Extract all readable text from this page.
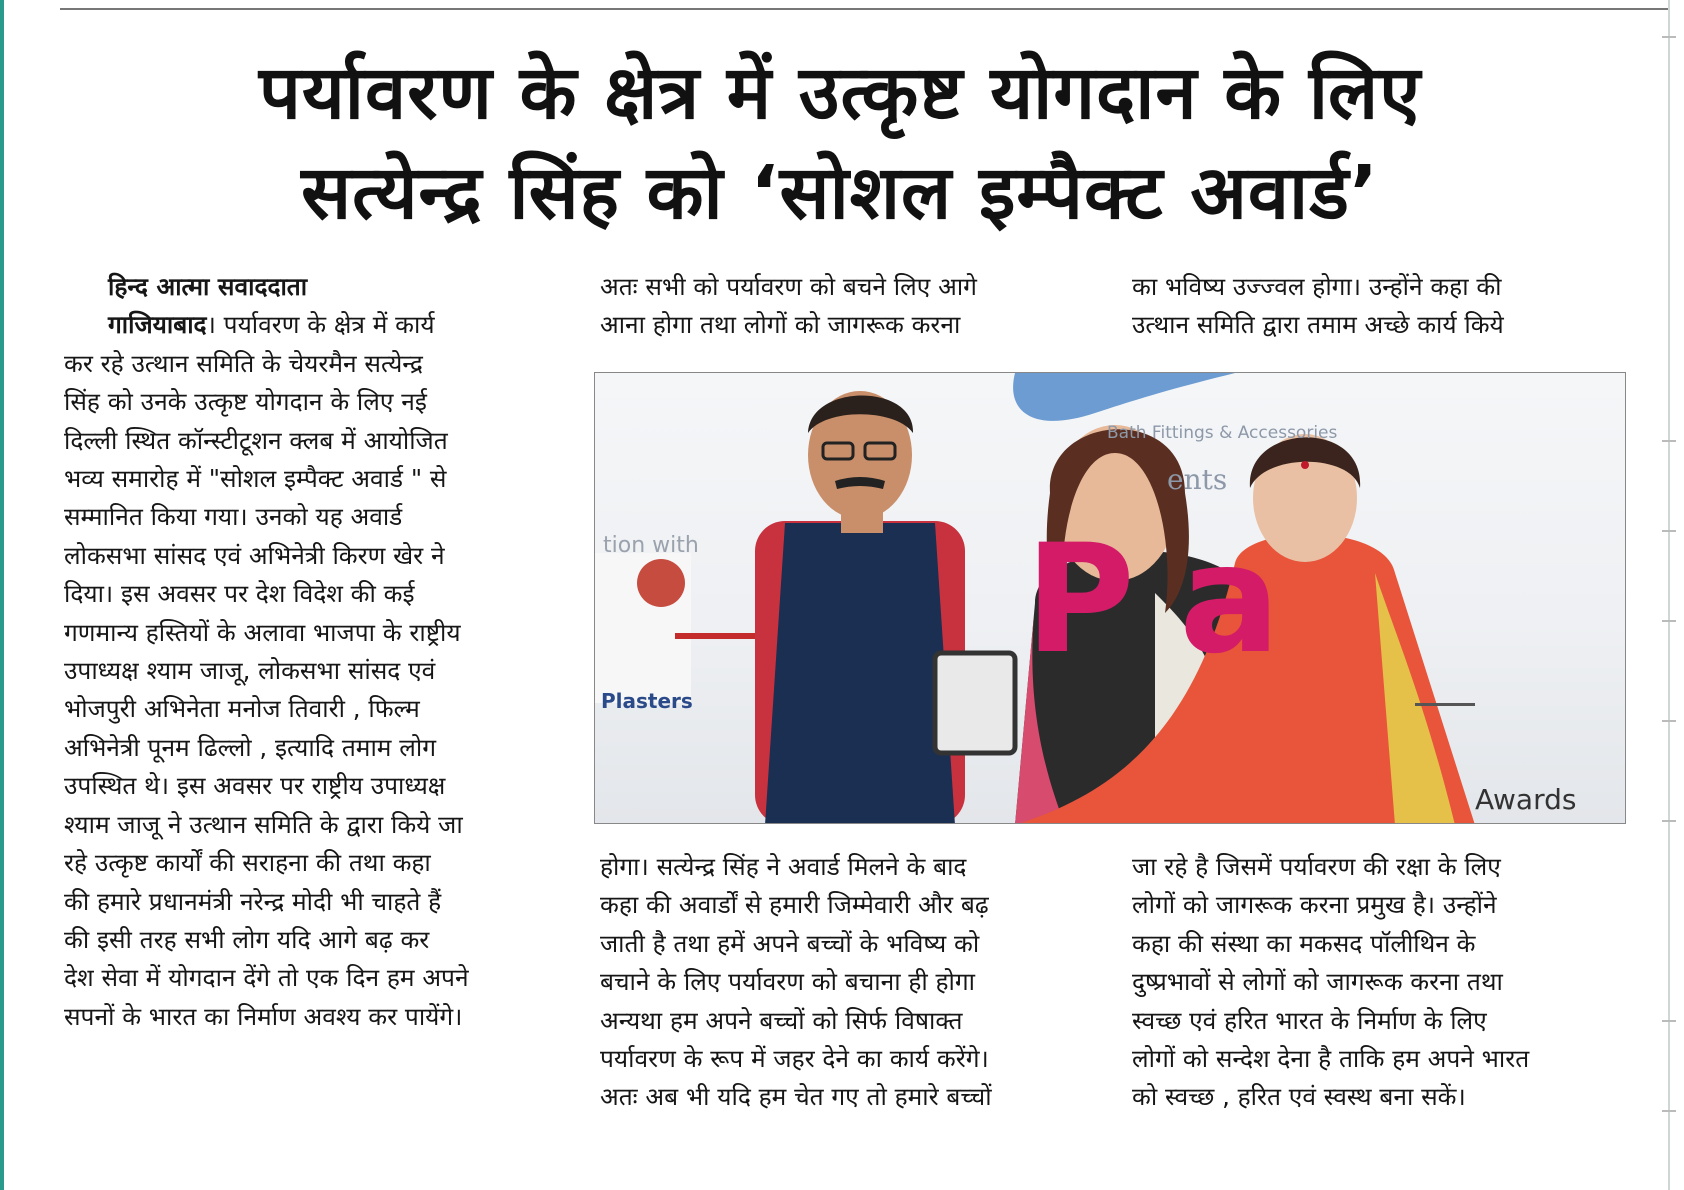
पर्यावरण के क्षेत्र में उत्कृष्ट योगदान के लिए
सत्येन्द्र सिंह को ‘सोशल इम्पैक्ट अवार्ड’
हिन्द आत्मा सवाददाता
गाजियाबाद। पर्यावरण के क्षेत्र में कार्य
कर रहे उत्थान समिति के चेयरमैन सत्येन्द्र
सिंह को उनके उत्कृष्ट योगदान के लिए नई
दिल्ली स्थित कॉन्स्टीटूशन क्लब में आयोजित
भव्य समारोह में "सोशल इम्पैक्ट अवार्ड " से
सम्मानित किया गया। उनको यह अवार्ड
लोकसभा सांसद एवं अभिनेत्री किरण खेर ने
दिया। इस अवसर पर देश विदेश की कई
गणमान्य हस्तियों के अलावा भाजपा के राष्ट्रीय
उपाध्यक्ष श्याम जाजू, लोकसभा सांसद एवं
भोजपुरी अभिनेता मनोज तिवारी , फिल्म
अभिनेत्री पूनम ढिल्लो , इत्यादि तमाम लोग
उपस्थित थे। इस अवसर पर राष्ट्रीय उपाध्यक्ष
श्याम जाजू ने उत्थान समिति के द्वारा किये जा
रहे उत्कृष्ट कार्यों की सराहना की तथा कहा
की हमारे प्रधानमंत्री नरेन्द्र मोदी भी चाहते हैं
की इसी तरह सभी लोग यदि आगे बढ़ कर
देश सेवा में योगदान देंगे तो एक दिन हम अपने
सपनों के भारत का निर्माण अवश्य कर पायेंगे।
अतः सभी को पर्यावरण को बचने लिए आगे
आना होगा तथा लोगों को जागरूक करना
का भविष्य उज्ज्वल होगा। उन्होंने कहा की
उत्थान समिति द्वारा तमाम अच्छे कार्य किये
P a
Bath Fittings & Accessories
ents
tion with
Plasters
Awards
होगा। सत्येन्द्र सिंह ने अवार्ड मिलने के बाद
कहा की अवार्डों से हमारी जिम्मेवारी और बढ़
जाती है तथा हमें अपने बच्चों के भविष्य को
बचाने के लिए पर्यावरण को बचाना ही होगा
अन्यथा हम अपने बच्चों को सिर्फ विषाक्त
पर्यावरण के रूप में जहर देने का कार्य करेंगे।
अतः अब भी यदि हम चेत गए तो हमारे बच्चों
जा रहे है जिसमें पर्यावरण की रक्षा के लिए
लोगों को जागरूक करना प्रमुख है। उन्होंने
कहा की संस्था का मकसद पॉलीथिन के
दुष्प्रभावों से लोगों को जागरूक करना तथा
स्वच्छ एवं हरित भारत के निर्माण के लिए
लोगों को सन्देश देना है ताकि हम अपने भारत
को स्वच्छ , हरित एवं स्वस्थ बना सकें।
